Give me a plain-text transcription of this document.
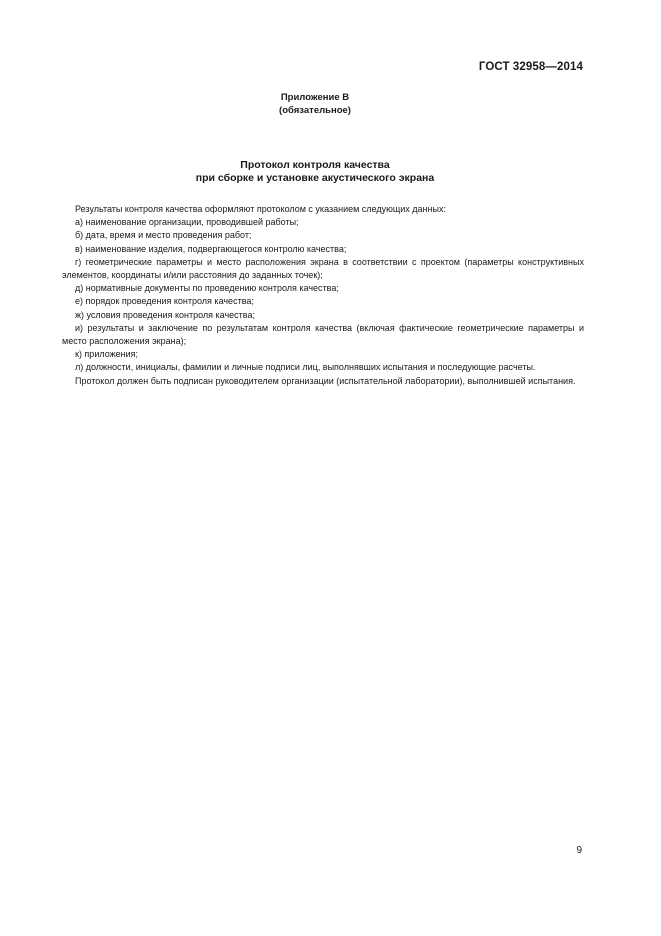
ГОСТ 32958—2014
Приложение В
(обязательное)
Протокол контроля качества
при сборке и установке акустического экрана

Результаты контроля качества оформляют протоколом с указанием следующих данных:

а) наименование организации, проводившей работы;

б) дата, время и место проведения работ;

в) наименование изделия, подвергающегося контролю качества;

г) геометрические параметры и место расположения экрана в соответствии с проектом (параметры конструктивных элементов, координаты и/или расстояния до заданных точек);

д) нормативные документы по проведению контроля качества;

е) порядок проведения контроля качества;

ж) условия проведения контроля качества;

и) результаты и заключение по результатам контроля качества (включая фактические геометрические параметры и место расположения экрана);

к) приложения;

л) должности, инициалы, фамилии и личные подписи лиц, выполнявших испытания и последующие расчеты.

Протокол должен быть подписан руководителем организации (испытательной лаборатории), выполнившей испытания.

9
